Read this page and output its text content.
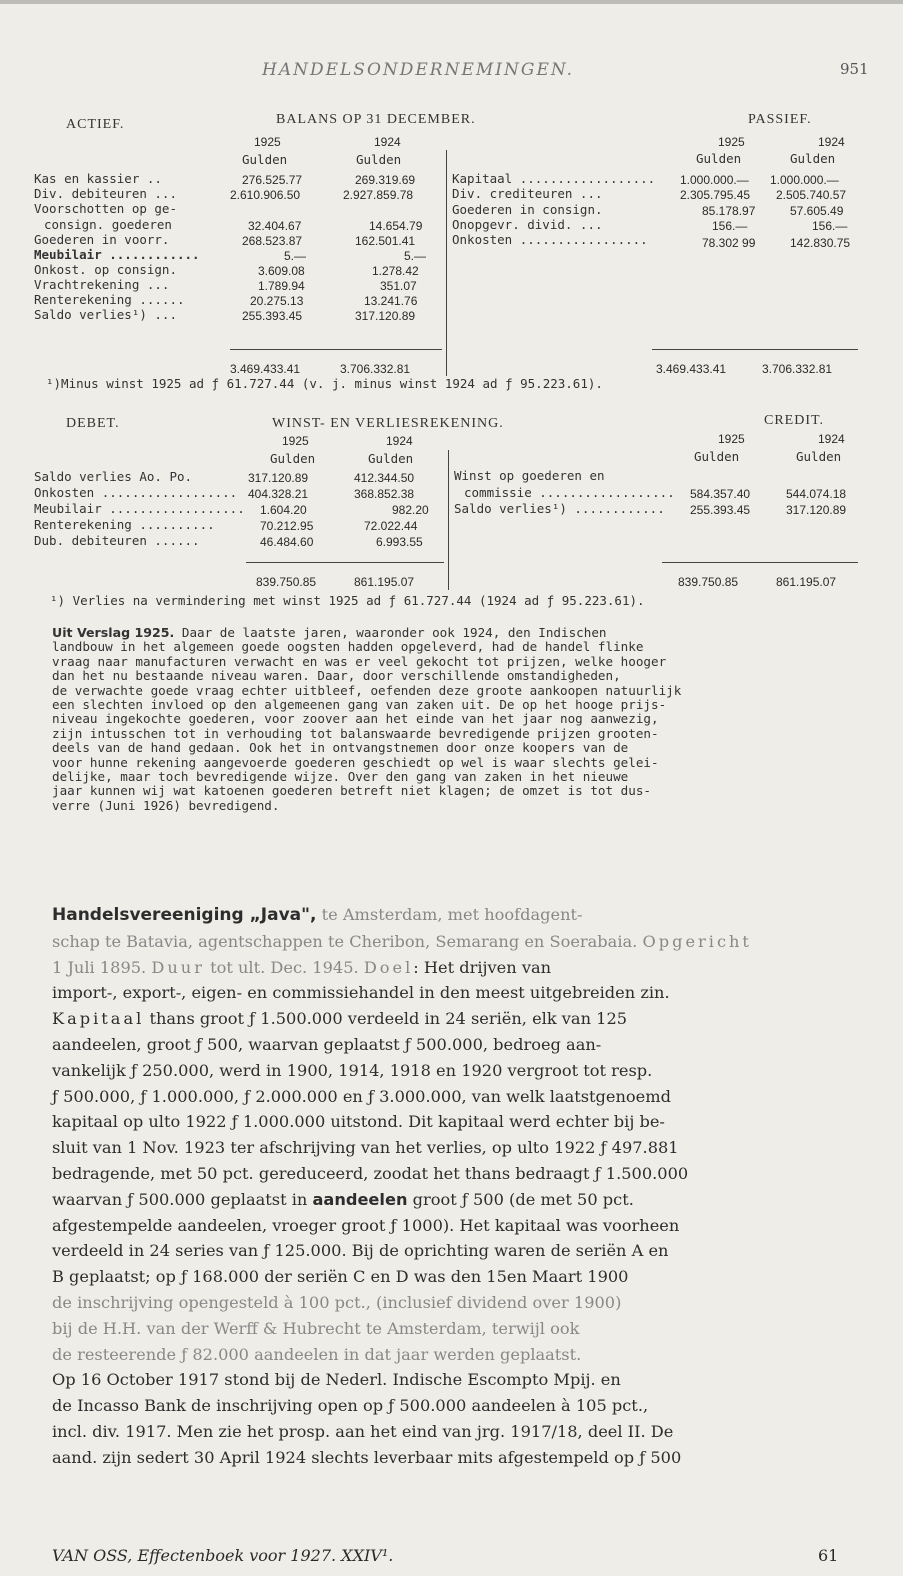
HANDELSONDERNEMINGEN.	951
ACTIEF.	BALANS OP 31 DECEMBER.	PASSIEF.
1925	1924
Gulden	Gulden
1925	1924
Gulden	Gulden
Kas en kassier ..	276.525.77	269.319.69
Div. debiteuren ...	2.610.906.50	2.927.859.78
Voorschotten op ge-
consign. goederen	32.404.67	14.654.79
Goederen in voorr.	268.523.87	162.501.41
Meubilair ............	5.—	5.—
Onkost. op consign.	3.609.08	1.278.42
Vrachtrekening ...	1.789.94	351.07
Renterekening ......	20.275.13	13.241.76
Saldo verlies¹) ...	255.393.45	317.120.89
Kapitaal .................. 1.000.000.— 1.000.000.—
Div. crediteuren ...	2.305.795.45 2.505.740.57
Goederen in consign.	85.178.97	57.605.49
Onopgevr. divid. ...	156.—	156.—
Onkosten .................	78.302 99	142.830.75
3.469.433.41	3.706.332.81	3.469.433.41	3.706.332.81
¹)Minus winst 1925 ad ƒ 61.727.44 (v. j. minus winst 1924 ad ƒ 95.223.61).
DEBET.	WINST- EN VERLIESREKENING.	CREDIT.
1925	1924
Gulden	Gulden
1925	1924
Gulden	Gulden
Saldo verlies Ao. Po.	317.120.89	412.344.50
Onkosten .................. 404.328.21	368.852.38
Meubilair .................. 1.604.20	982.20
Renterekening ..........	70.212.95	72.022.44
Dub. debiteuren ......	46.484.60	6.993.55
Winst op goederen en
commissie .................. 584.357.40	544.074.18
Saldo verlies¹) ............ 255.393.45	317.120.89
839.750.85	861.195.07	839.750.85	861.195.07
¹) Verlies na vermindering met winst 1925 ad ƒ 61.727.44 (1924 ad ƒ 95.223.61).
Uit Verslag 1925. Daar de laatste jaren, waaronder ook 1924, den Indischen
landbouw in het algemeen goede oogsten hadden opgeleverd, had de handel flinke
vraag naar manufacturen verwacht en was er veel gekocht tot prijzen, welke hooger
dan het nu bestaande niveau waren. Daar, door verschillende omstandigheden,
de verwachte goede vraag echter uitbleef, oefenden deze groote aankoopen natuurlijk
een slechten invloed op den algemeenen gang van zaken uit. De op het hooge prijs-
niveau ingekochte goederen, voor zoover aan het einde van het jaar nog aanwezig,
zijn intusschen tot in verhouding tot balanswaarde bevredigende prijzen grooten-
deels van de hand gedaan. Ook het in ontvangstnemen door onze koopers van de
voor hunne rekening aangevoerde goederen geschiedt op wel is waar slechts gelei-
delijke, maar toch bevredigende wijze. Over den gang van zaken in het nieuwe
jaar kunnen wij wat katoenen goederen betreft niet klagen; de omzet is tot dus-
verre (Juni 1926) bevredigend.
Handelsvereeniging „Java", te Amsterdam, met hoofdagent-
schap te Batavia, agentschappen te Cheribon, Semarang en Soerabaia. Opgericht
1 Juli 1895. Duur tot ult. Dec. 1945. Doel: Het drijven van
import-, export-, eigen- en commissiehandel in den meest uitgebreiden zin.
Kapitaal thans groot ƒ 1.500.000 verdeeld in 24 seriën, elk van 125
aandeelen, groot ƒ 500, waarvan geplaatst ƒ 500.000, bedroeg aan-
vankelijk ƒ 250.000, werd in 1900, 1914, 1918 en 1920 vergroot tot resp.
ƒ 500.000, ƒ 1.000.000, ƒ 2.000.000 en ƒ 3.000.000, van welk laatstgenoemd
kapitaal op ulto 1922 ƒ 1.000.000 uitstond. Dit kapitaal werd echter bij be-
sluit van 1 Nov. 1923 ter afschrijving van het verlies, op ulto 1922 ƒ 497.881
bedragende, met 50 pct. gereduceerd, zoodat het thans bedraagt ƒ 1.500.000
waarvan ƒ 500.000 geplaatst in aandeelen groot ƒ 500 (de met 50 pct.
afgestempelde aandeelen, vroeger groot ƒ 1000). Het kapitaal was voorheen
verdeeld in 24 series van ƒ 125.000. Bij de oprichting waren de seriën A en
B geplaatst; op ƒ 168.000 der seriën C en D was den 15en Maart 1900
de inschrijving opengesteld à 100 pct., (inclusief dividend over 1900)
bij de H.H. van der Werff & Hubrecht te Amsterdam, terwijl ook
de resteerende ƒ 82.000 aandeelen in dat jaar werden geplaatst.
Op 16 October 1917 stond bij de Nederl. Indische Escompto Mpij. en
de Incasso Bank de inschrijving open op ƒ 500.000 aandeelen à 105 pct.,
incl. div. 1917. Men zie het prosp. aan het eind van jrg. 1917/18, deel II. De
aand. zijn sedert 30 April 1924 slechts leverbaar mits afgestempeld op ƒ 500
VAN OSS, Effectenboek voor 1927. XXIV¹.	61
